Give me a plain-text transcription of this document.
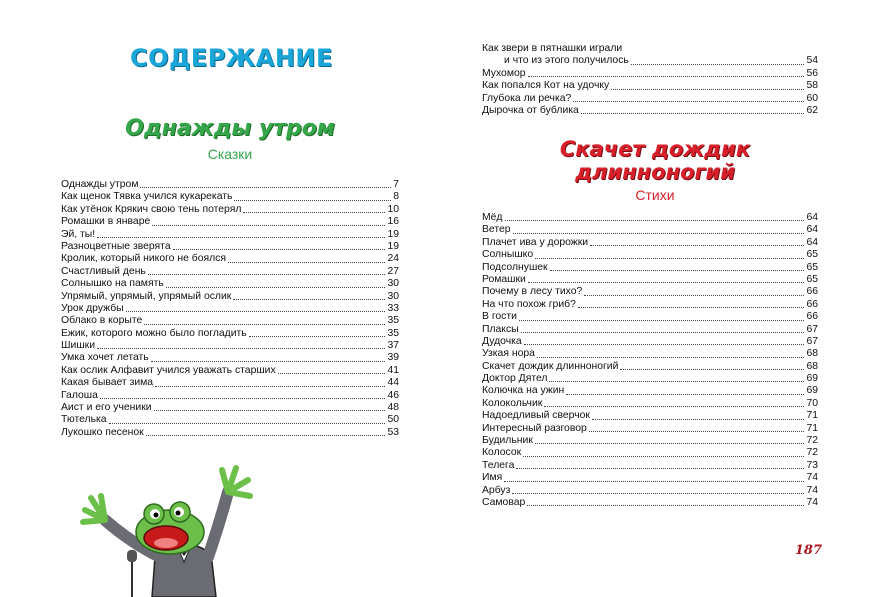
СОДЕРЖАНИЕ
Однажды утром
Сказки
Однажды утром	7
Как щенок Тявка учился кукарекать	8
Как утёнок Крякич свою тень потерял	10
Ромашки в январе	16
Эй, ты!	19
Разноцветные зверята	19
Кролик, который никого не боялся	24
Счастливый день	27
Солнышко на память	30
Упрямый, упрямый, упрямый ослик	30
Урок дружбы	33
Облако в корыте	35
Ежик, которого можно было погладить	35
Шишки	37
Умка хочет летать	39
Как ослик Алфавит учился уважать старших	41
Какая бывает зима	44
Галоша	46
Аист и его ученики	48
Тютелька	50
Лукошко песенок	53
Как звери в пятнашки играли
и что из этого получилось	54
Мухомор	56
Как попался Кот на удочку	58
Глубока ли речка?	60
Дырочка от бублика	62
Скачет дождик
длинноногий
Стихи
Мёд	64
Ветер	64
Плачет ива у дорожки	64
Солнышко	65
Подсолнушек	65
Ромашки	65
Почему в лесу тихо?	66
На что похож гриб?	66
В гости	66
Плаксы	67
Дудочка	67
Узкая нора	68
Скачет дождик длинноногий	68
Доктор Дятел	69
Колючка на ужин	69
Колокольчик	70
Надоедливый сверчок	71
Интересный разговор	71
Будильник	72
Колосок	72
Телега	73
Имя	74
Арбуз	74
Самовар	74
187
